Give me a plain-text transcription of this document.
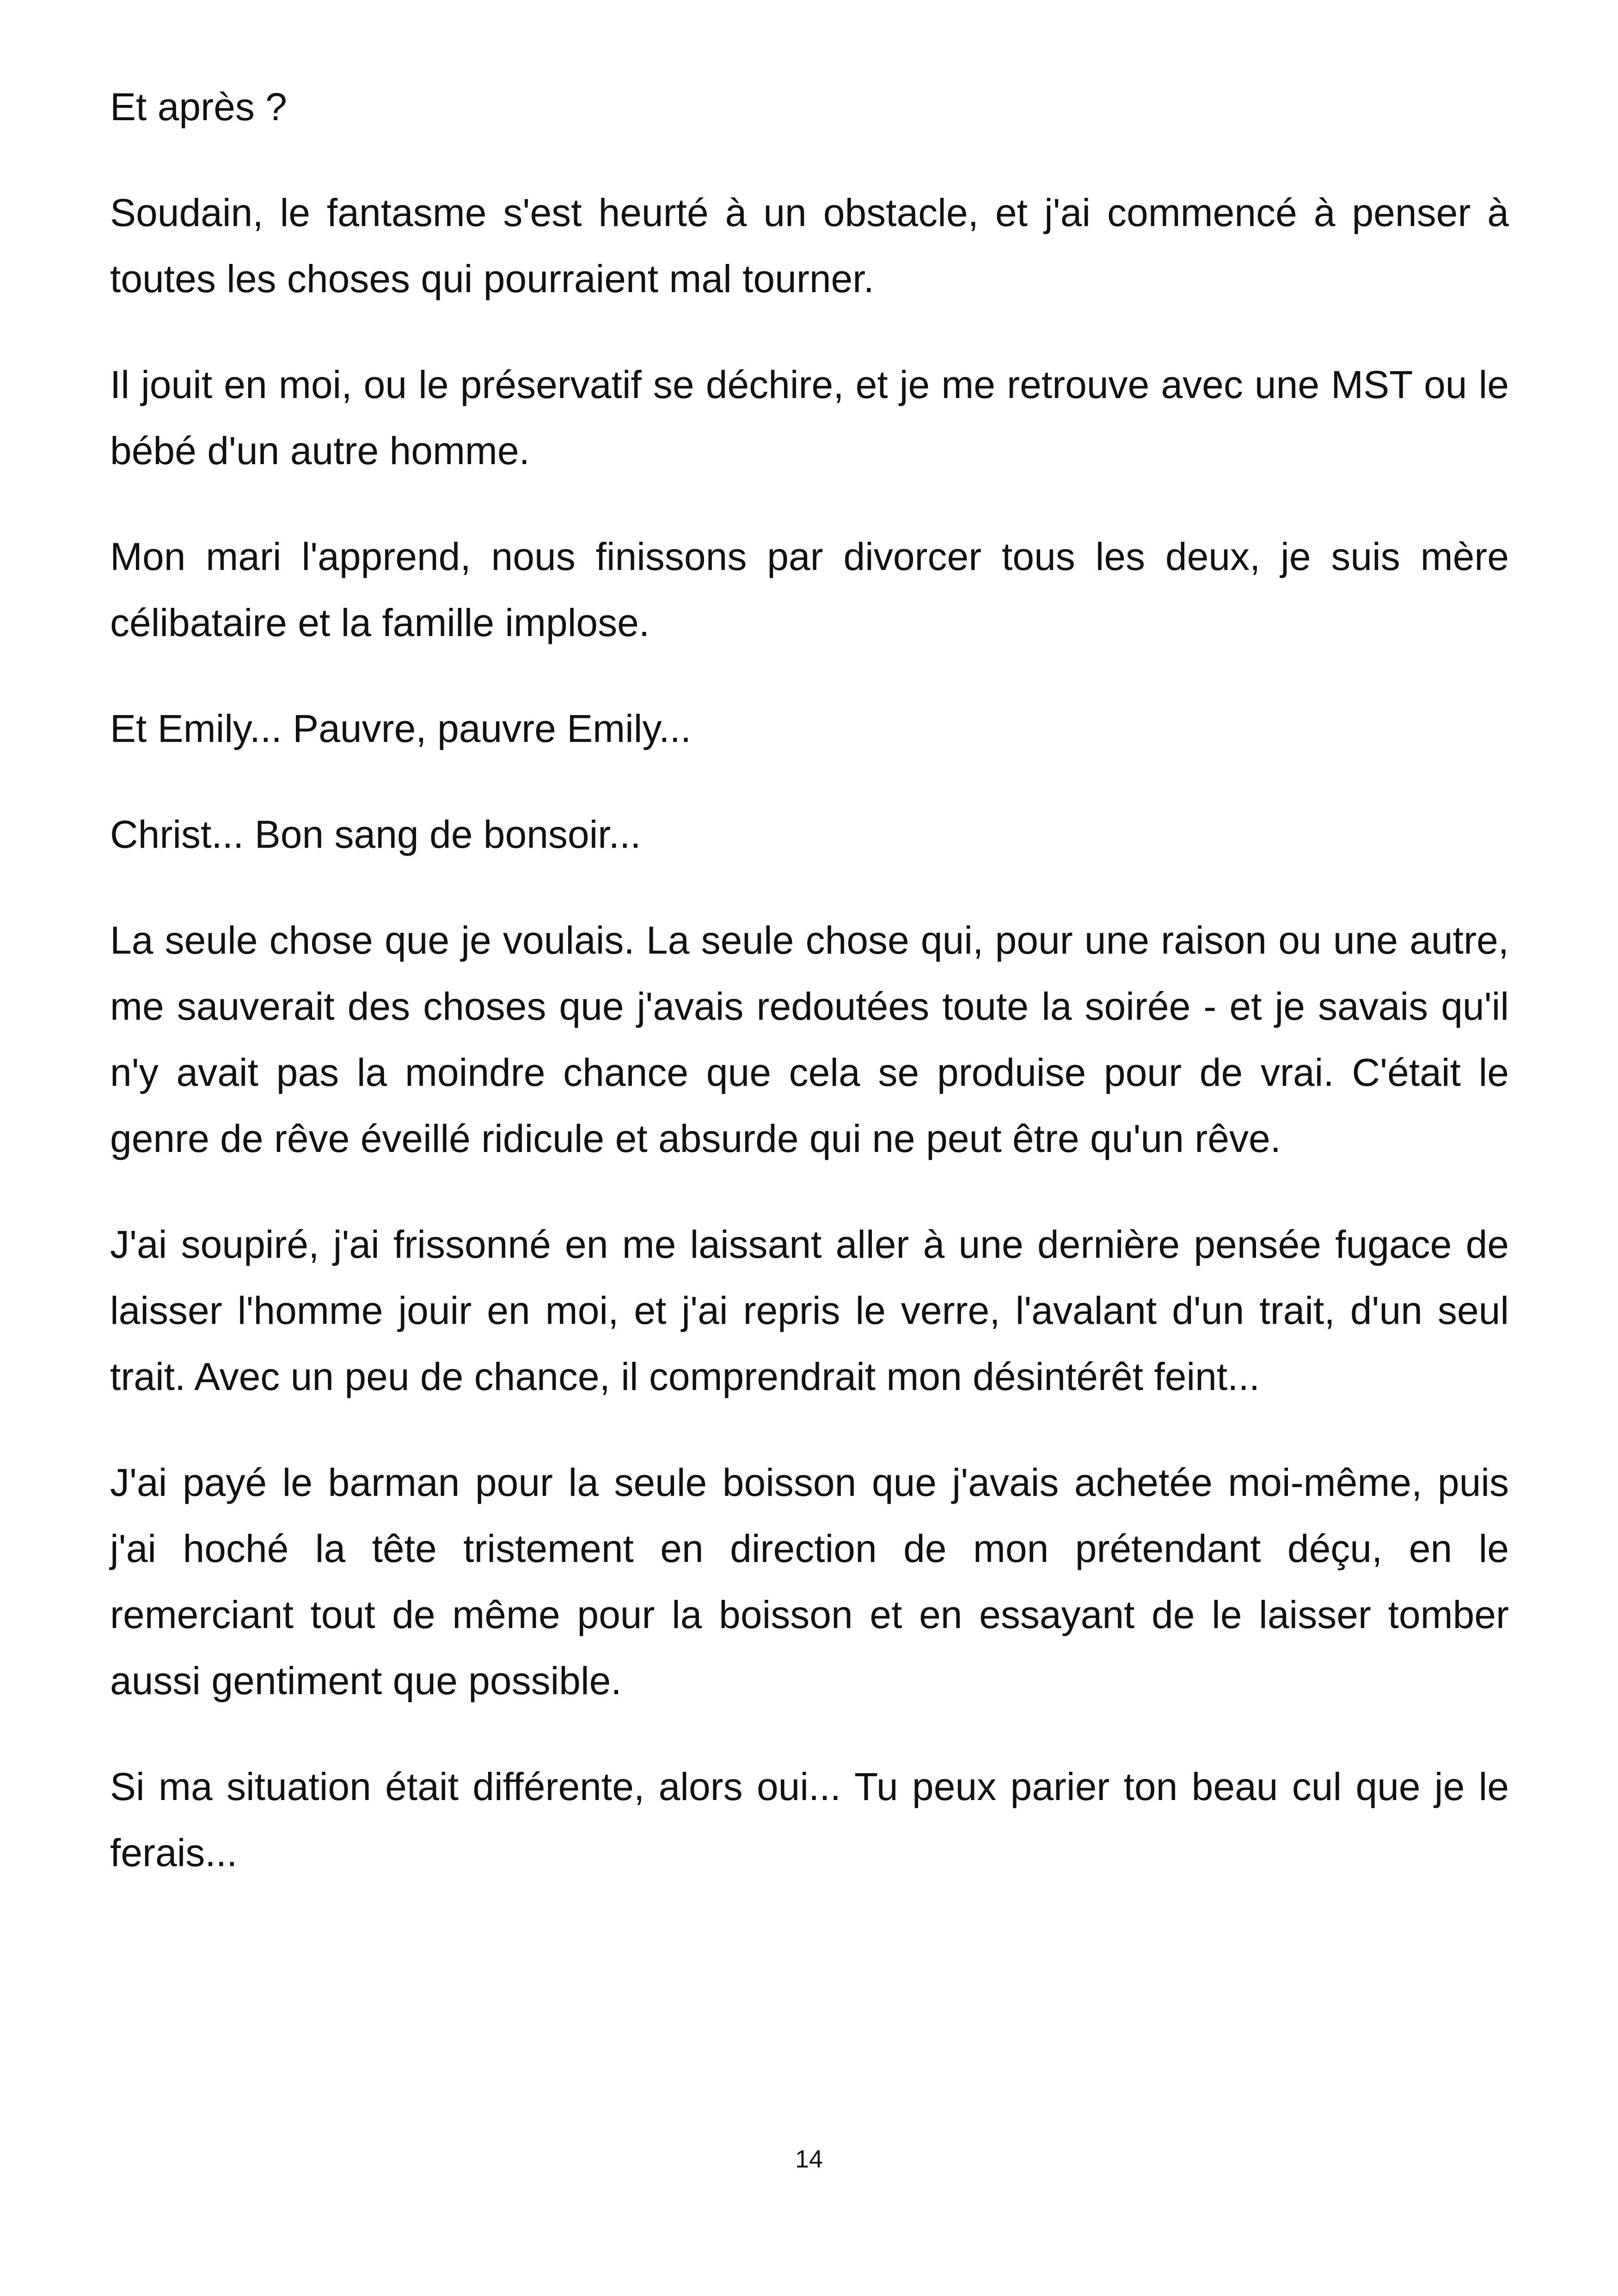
Et après ?

Soudain, le fantasme s'est heurté à un obstacle, et j'ai commencé à penser à toutes les choses qui pourraient mal tourner.

Il jouit en moi, ou le préservatif se déchire, et je me retrouve avec une MST ou le bébé d'un autre homme.

Mon mari l'apprend, nous finissons par divorcer tous les deux, je suis mère célibataire et la famille implose.

Et Emily... Pauvre, pauvre Emily...

Christ... Bon sang de bonsoir...

La seule chose que je voulais. La seule chose qui, pour une raison ou une autre, me sauverait des choses que j'avais redoutées toute la soirée - et je savais qu'il n'y avait pas la moindre chance que cela se produise pour de vrai. C'était le genre de rêve éveillé ridicule et absurde qui ne peut être qu'un rêve.

J'ai soupiré, j'ai frissonné en me laissant aller à une dernière pensée fugace de laisser l'homme jouir en moi, et j'ai repris le verre, l'avalant d'un trait, d'un seul trait. Avec un peu de chance, il comprendrait mon désintérêt feint...

J'ai payé le barman pour la seule boisson que j'avais achetée moi-même, puis j'ai hoché la tête tristement en direction de mon prétendant déçu, en le remerciant tout de même pour la boisson et en essayant de le laisser tomber aussi gentiment que possible.

Si ma situation était différente, alors oui... Tu peux parier ton beau cul que je le ferais...

14
